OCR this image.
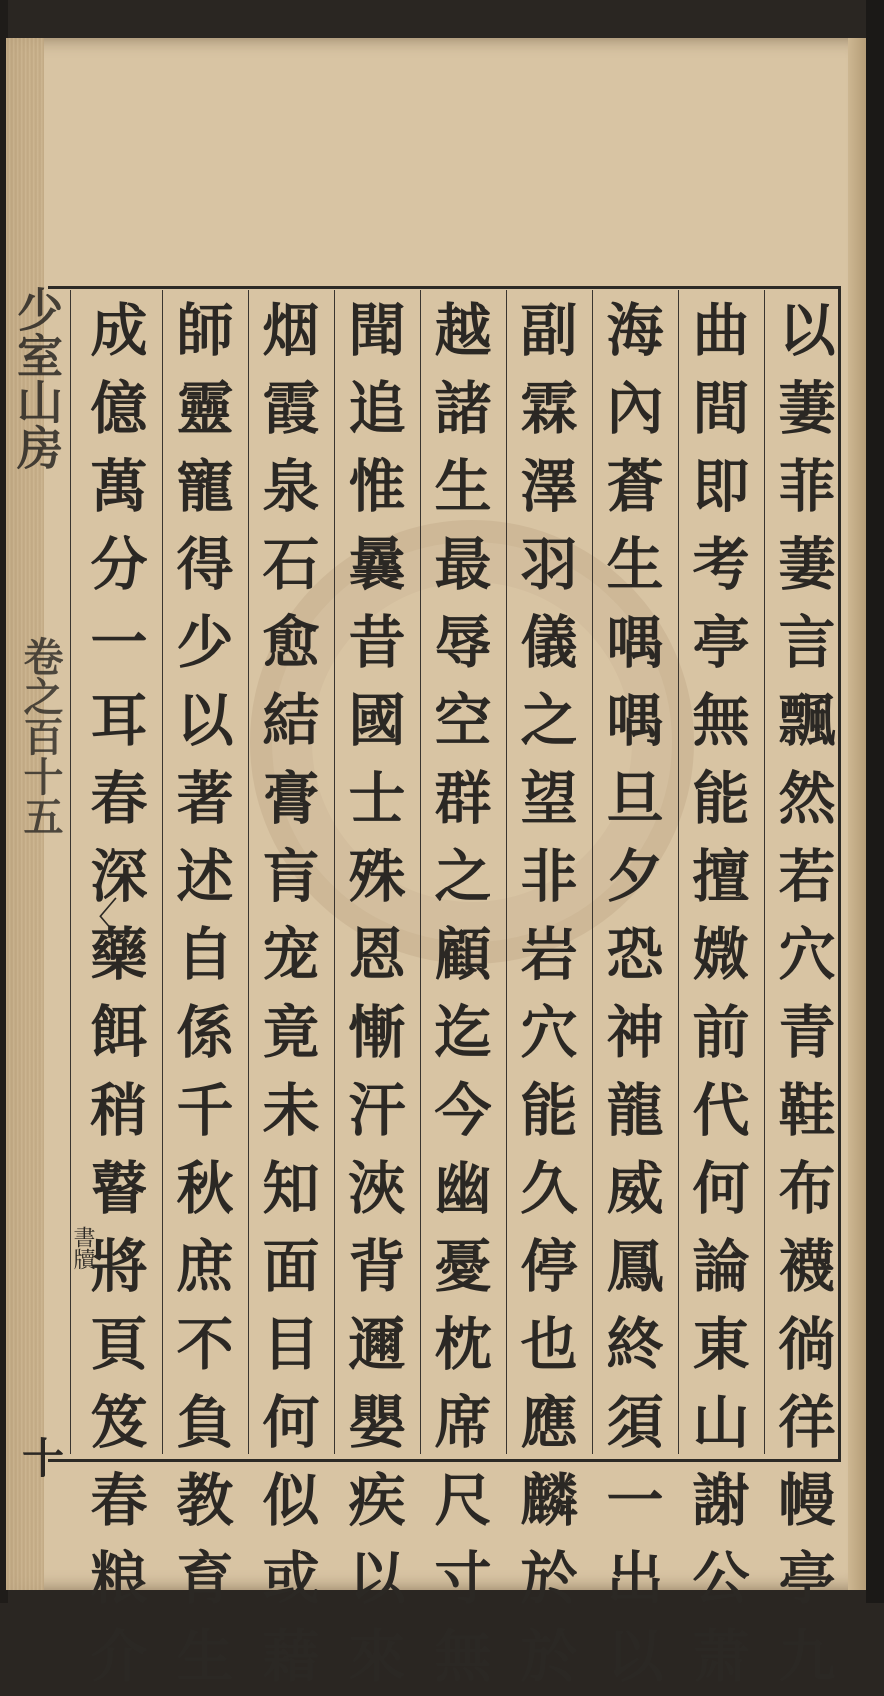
以
萋
菲
萋
言
飄
然
若
穴
青
鞋
布
襪
徜
徉
幔
亭
九
曲
間
即
考
亭
無
能
擅
媺
前
代
何
論
東
山
謝
公
萧
海
內
蒼
生
喁
喁
旦
夕
恐
神
龍
威
鳳
終
須
一
出
以
副
霖
澤
羽
儀
之
望
非
岩
穴
能
久
停
也
應
麟
於
於
越
諸
生
最
辱
空
群
之
顧
迄
今
幽
憂
枕
席
尺
寸
無
聞
追
惟
曩
昔
國
士
殊
恩
慚
汗
浹
背
邇
嬰
疾
以
來
烟
霞
泉
石
愈
結
膏
肓
宠
竟
未
知
面
目
何
似
或
藉
師
靈
寵
得
少
以
著
述
自
係
千
秋
庶
不
負
教
育
生
成
億
萬
分
一
耳
春
深
藥
餌
稍
瞽
將
頁
笈
春
粮
介
少室山房
〈
卷之百十五
書牘
十
